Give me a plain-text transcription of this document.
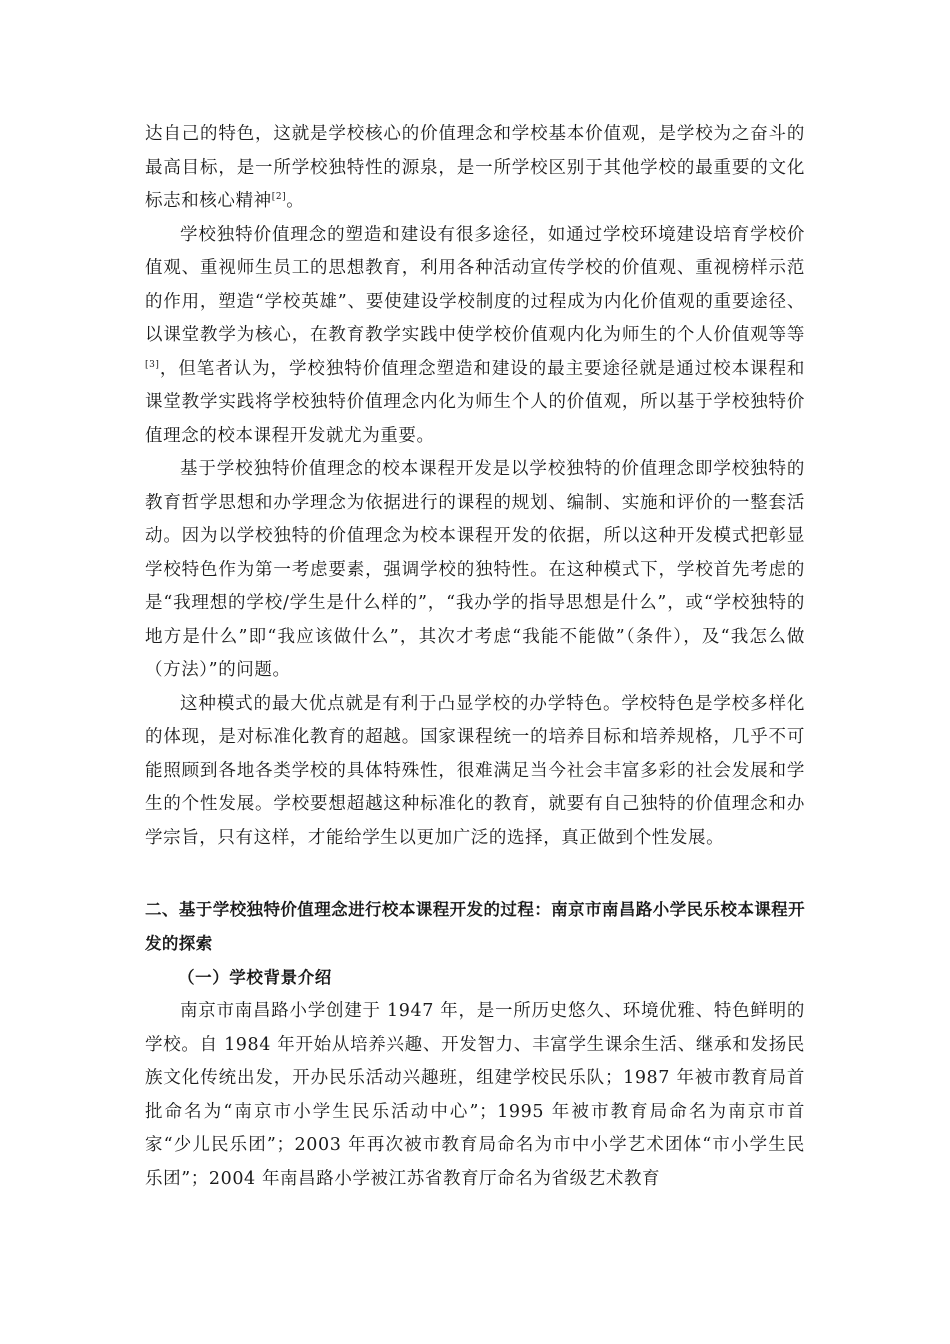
达自己的特色，这就是学校核心的价值理念和学校基本价值观，是学校为之奋斗的最高目标，是一所学校独特性的源泉，是一所学校区别于其他学校的最重要的文化标志和核心精神[2]。

学校独特价值理念的塑造和建设有很多途径，如通过学校环境建设培育学校价值观、重视师生员工的思想教育，利用各种活动宣传学校的价值观、重视榜样示范的作用，塑造“学校英雄”、要使建设学校制度的过程成为内化价值观的重要途径、以课堂教学为核心，在教育教学实践中使学校价值观内化为师生的个人价值观等等[3]，但笔者认为，学校独特价值理念塑造和建设的最主要途径就是通过校本课程和课堂教学实践将学校独特价值理念内化为师生个人的价值观，所以基于学校独特价值理念的校本课程开发就尤为重要。

基于学校独特价值理念的校本课程开发是以学校独特的价值理念即学校独特的教育哲学思想和办学理念为依据进行的课程的规划、编制、实施和评价的一整套活动。因为以学校独特的价值理念为校本课程开发的依据，所以这种开发模式把彰显学校特色作为第一考虑要素，强调学校的独特性。在这种模式下，学校首先考虑的是“我理想的学校/学生是什么样的”，“我办学的指导思想是什么”，或“学校独特的地方是什么”即“我应该做什么”，其次才考虑“我能不能做”（条件），及“我怎么做（方法）”的问题。

这种模式的最大优点就是有利于凸显学校的办学特色。学校特色是学校多样化的体现，是对标准化教育的超越。国家课程统一的培养目标和培养规格，几乎不可能照顾到各地各类学校的具体特殊性，很难满足当今社会丰富多彩的社会发展和学生的个性发展。学校要想超越这种标准化的教育，就要有自己独特的价值理念和办学宗旨，只有这样，才能给学生以更加广泛的选择，真正做到个性发展。

二、基于学校独特价值理念进行校本课程开发的过程：南京市南昌路小学民乐校本课程开发的探索

（一）学校背景介绍

南京市南昌路小学创建于 1947 年，是一所历史悠久、环境优雅、特色鲜明的学校。自 1984 年开始从培养兴趣、开发智力、丰富学生课余生活、继承和发扬民族文化传统出发，开办民乐活动兴趣班，组建学校民乐队；1987 年被市教育局首批命名为“南京市小学生民乐活动中心”；1995 年被市教育局命名为南京市首家“少儿民乐团”；2003 年再次被市教育局命名为市中小学艺术团体“市小学生民乐团”；2004 年南昌路小学被江苏省教育厅命名为省级艺术教育
